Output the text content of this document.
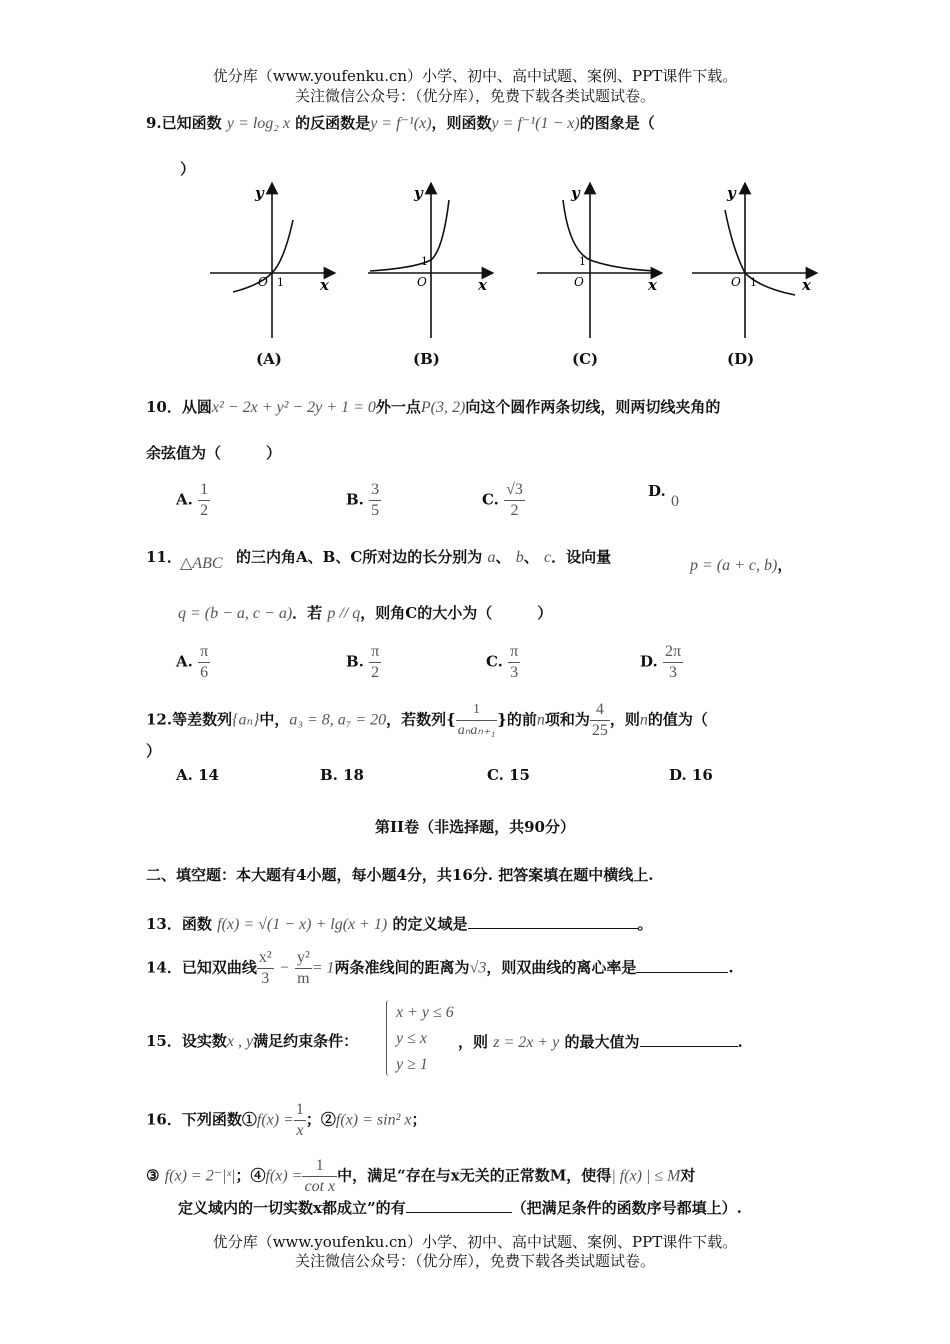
优分库（www.youfenku.cn）小学、初中、高中试题、案例、PPT课件下载。
关注微信公众号：（优分库），免费下载各类试题试卷。
9.已知函数 y = log₂ x 的反函数是y = f⁻¹(x)，则函数y = f⁻¹(1 − x)的图象是（
）
y
x
O 1
y
x
O
1
y
x
O
1
y
x
O 1
(A)	(B)	(C)	(D)
10．从圆x² − 2x + y² − 2y + 1 = 0外一点P(3, 2)向这个圆作两条切线，则两切线夹角的
余弦值为（　　　）
A. $\frac{1}{2}$	B. $\frac{3}{5}$	C. $\frac{√3}{2}$	D. 0
11．
△ABC 的三内角A、B、C所对边的长分别为 a、 b、 c．设向量	p = (a + c, b)，
q = (b − a, c − a)．若 p // q，则角C的大小为（　　　）
A. $\frac{\pi}{6}$	B. $\frac{\pi}{2}$	C. $\frac{\pi}{3}$	D. $\frac{2\pi}{3}$
12.等差数列{aₙ}中，a₃ = 8, a₇ = 20，若数列{ $\frac{1}{\text{aₙaₙ₊₁}}$ }的前n项和为 $\frac{4}{25}$ ，则n的值为（
）
A. 14	B. 18	C. 15	D. 16
第II卷（非选择题，共90分）
二、填空题：本大题有4小题，每小题4分，共16分. 把答案填在题中横线上.
13．函数 f(x) = √(1 − x) + lg(x + 1) 的定义域是	。
14．已知双曲线 $\frac{\text{x²}}{3} - \frac{\text{y²}}{m} = 1$两条准线间的距离为√3，则双曲线的离心率是	.
15．设实数x , y满足约束条件：
x + y ≤ 6
y ≤ x
y ≥ 1
，则 z = 2x + y 的最大值为	.
16．下列函数①f(x) = $\frac{1}{x}$ ；②f(x) = sin² x；
③ f(x) = 2⁻|ˣ|；④f(x) = $\frac{1}{\text{cot x}}$ 中，满足“存在与x无关的正常数M，使得| f(x) | ≤ M对
定义域内的一切实数x都成立”的有	（把满足条件的函数序号都填上）.
优分库（www.youfenku.cn）小学、初中、高中试题、案例、PPT课件下载。
关注微信公众号：（优分库），免费下载各类试题试卷。
